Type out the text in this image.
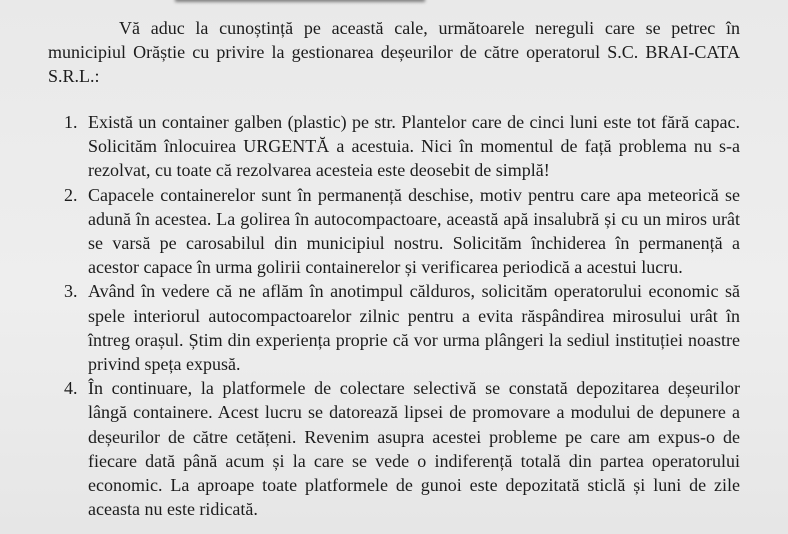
Vă aduc la cunoștință pe această cale, următoarele nereguli care se petrec în municipiul Orăștie cu privire la gestionarea deșeurilor de către operatorul S.C. BRAI-CATA S.R.L.:

1. Există un container galben (plastic) pe str. Plantelor care de cinci luni este tot fără capac. Solicităm înlocuirea URGENTĂ a acestuia. Nici în momentul de față problema nu s-a rezolvat, cu toate că rezolvarea acesteia este deosebit de simplă!
2. Capacele containerelor sunt în permanență deschise, motiv pentru care apa meteorică se adună în acestea. La golirea în autocompactoare, această apă insalubră și cu un miros urât se varsă pe carosabilul din municipiul nostru. Solicităm închiderea în permanență a acestor capace în urma golirii containerelor și verificarea periodică a acestui lucru.
3. Având în vedere că ne aflăm în anotimpul călduros, solicităm operatorului economic să spele interiorul autocompactoarelor zilnic pentru a evita răspândirea mirosului urât în întreg orașul. Știm din experiența proprie că vor urma plângeri la sediul instituției noastre privind speța expusă.
4. În continuare, la platformele de colectare selectivă se constată depozitarea deșeurilor lângă containere. Acest lucru se datorează lipsei de promovare a modului de depunere a deșeurilor de către cetățeni. Revenim asupra acestei probleme pe care am expus-o de fiecare dată până acum și la care se vede o indiferență totală din partea operatorului economic. La aproape toate platformele de gunoi este depozitată sticlă și luni de zile aceasta nu este ridicată.
